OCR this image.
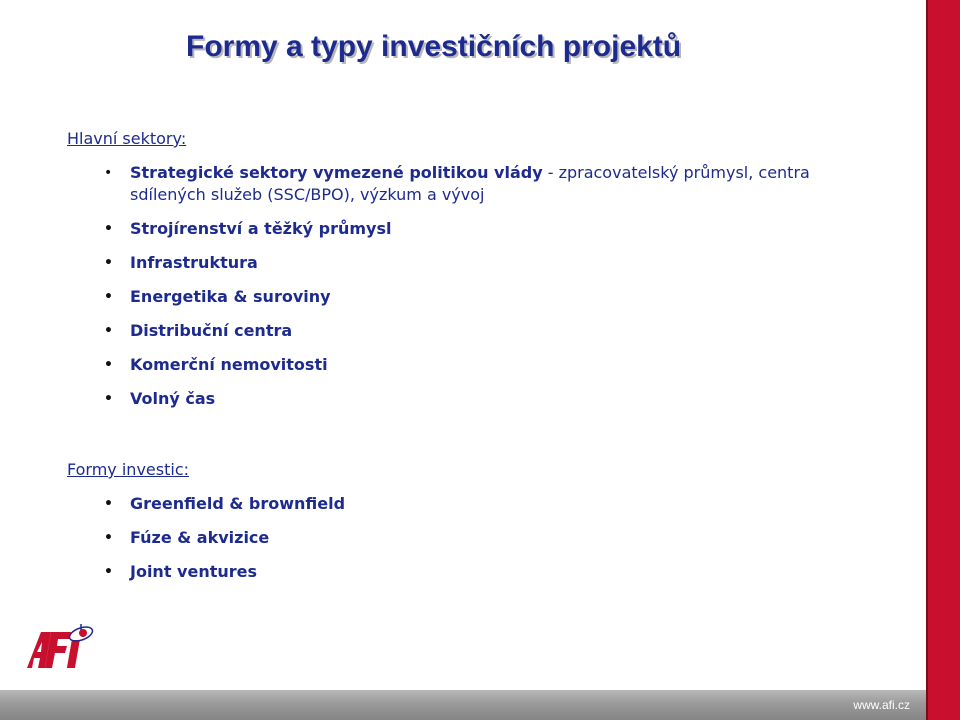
Formy a typy investičních projektů
Hlavní sektory:
• Strategické sektory vymezené politikou vlády - zpracovatelský průmysl, centra sdílených služeb (SSC/BPO), výzkum a vývoj
• Strojírenství a těžký průmysl
• Infrastruktura
• Energetika & suroviny
• Distribuční centra
• Komerční nemovitosti
• Volný čas
Formy investic:
• Greenfield & brownfield
• Fúze & akvizice
• Joint ventures
www.afi.cz
